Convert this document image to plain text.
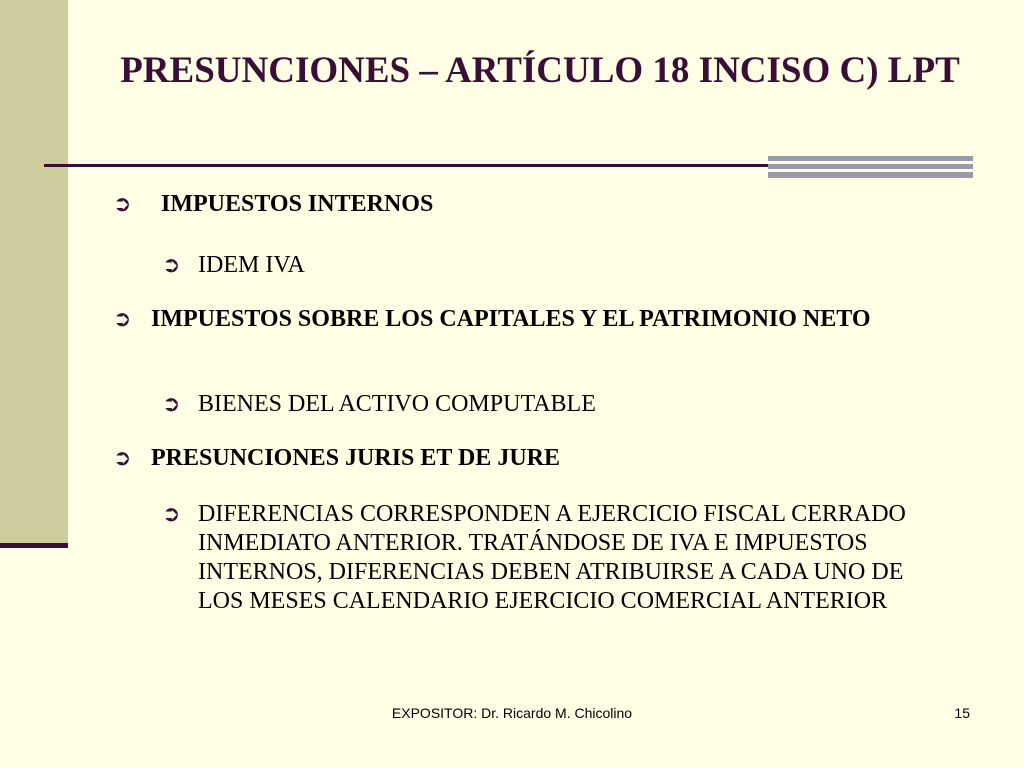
PRESUNCIONES – ARTÍCULO 18 INCISO C) LPT
➲	IMPUESTOS INTERNOS
➲ IDEM IVA
➲ IMPUESTOS SOBRE LOS CAPITALES Y EL PATRIMONIO NETO
➲ BIENES DEL ACTIVO COMPUTABLE
➲ PRESUNCIONES JURIS ET DE JURE
➲ DIFERENCIAS CORRESPONDEN A EJERCICIO FISCAL CERRADO INMEDIATO ANTERIOR. TRATÁNDOSE DE IVA E IMPUESTOS INTERNOS, DIFERENCIAS DEBEN ATRIBUIRSE A CADA UNO DE LOS MESES CALENDARIO EJERCICIO COMERCIAL ANTERIOR
EXPOSITOR: Dr. Ricardo M. Chicolino	15
